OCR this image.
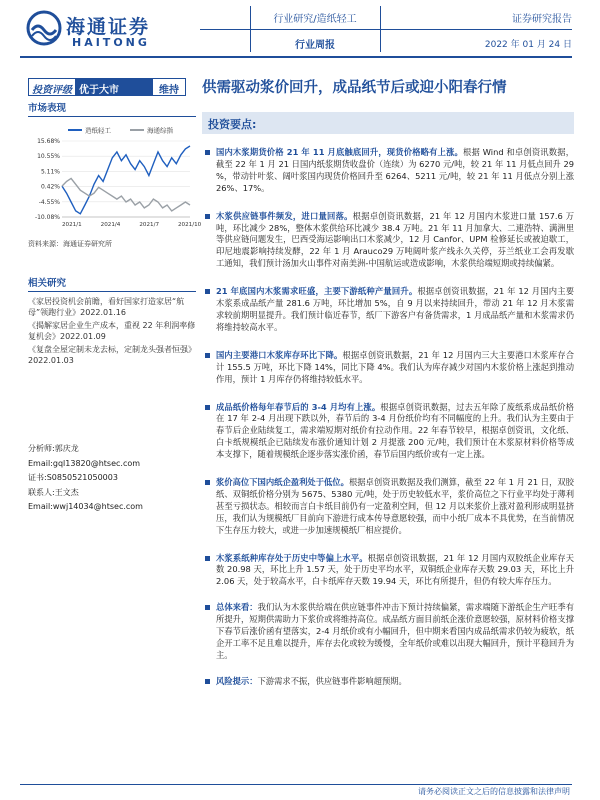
海通证券
HAITONG
行业研究/造纸轻工
行业周报
证券研究报告
2022 年 01 月 24 日
投资评级 优于大市	维持	供需驱动浆价回升，成品纸节后或迎小阳春行情
市场表现
造纸轻工	海通综指
15.68%
10.55%
5.11%
0.42%
-4.55%
-10.08%
2021/1	2021/4	2021/7	2021/10
资料来源：海通证券研究所
相关研究
《家居投资机会前瞻，看好国家打造家居“航母”领跑行业》2022.01.16
《揭解家居企业生产成本，重视 22 年利润率修复机会》2022.01.09
《复盘全屋定制未龙去标，定制龙头强者恒强》2022.01.03
分析师:郭庆龙
Email:gql13820@htsec.com
证书:S0850521050003
联系人:王文杰
Email:wwj14034@htsec.com
投资要点:
国内木浆期货价格 21 年 11 月底触底回升，现货价格略有上涨。根据 Wind 和卓创资讯数据，截至 22 年 1 月 21 日国内纸浆期货收盘价（连续）为 6270 元/吨，较 21 年 11 月低点回升 29 %，带动针叶浆、阔叶浆国内现货价格回升至 6264、5211 元/吨，较 21 年 11 月低点分别上涨 26%、17%。
木浆供应链事件频发，进口量回落。根据卓创资讯数据，21 年 12 月国内木浆进口量 157.6 万吨，环比减少 28%，整体木浆供给环比减少 38.4 万吨。21 年 11 月加拿大、二連浩特、满洲里等供应链问题发生，巴西受海运影响出口木浆减少，12 月 Canfor、UPM 检修延长或被迫歇工，印尼地震影响持续发酵，22 年 1 月 Arauco29 万吨阔叶浆产线永久关停，芬兰纸业工会再发歇工通知，我们预计汤加火山事件对南美洲-中国航运或造成影响，木浆供给端短期或持续偏紧。
21 年底国内木浆需求旺盛，主要下游纸种产量回升。根据卓创资讯数据，21 年 12 月国内主要木浆系成品纸产量 281.6 万吨，环比增加 5%，自 9 月以来持续回升，带动 21 年 12 月木浆需求较前期明显提升。我们预计临近春节，纸厂下游客户有备货需求，1 月成品纸产量和木浆需求仍将维持较高水平。
国内主要港口木浆库存环比下降。根据卓创资讯数据，21 年 12 月国内三大主要港口木浆库存合计 155.5 万吨，环比下降 14%，同比下降 4%。我们认为库存减少对国内木浆价格上涨起到推动作用，预计 1 月库存仍将维持较低水平。
成品纸价格每年春节后的 3-4 月均有上涨。根据卓创资讯数据，过去五年除了废纸系成品纸价格在 17 年 2-4 月出现下跌以外，春节后的 3-4 月份纸价均有不同幅度的上升。我们认为主要由于春节后企业陆续复工，需求端短期对纸价有拉动作用。22 年春节较早，根据卓创资讯，文化纸、白卡纸规模纸企已陆续发布涨价通知计划 2 月提涨 200 元/吨，我们预计在木浆原材料价格等成本支撑下，随着规模纸企逐步落实涨价函，春节后国内纸价或有一定上涨。
浆价高位下国内纸企盈利处于低位。根据卓创资讯数据及我们测算，截至 22 年 1 月 21 日，双胶纸、双铜纸价格分别为 5675、5380 元/吨，处于历史较低水平，浆价高位之下行业平均处于薄利甚至亏损状态。相较而言白卡纸目前仍有一定盈利空间，但 12 月以来浆价上涨对盈利形成明显挤压，我们认为规模纸厂目前向下游进行成本传导意愿较强，而中小纸厂成本不具优势，在当前情况下生存压力较大，或进一步加速规模纸厂相应提价。
木浆系纸种库存处于历史中等偏上水平。根据卓创资讯数据，21 年 12 月国内双胶纸企业库存天数 20.98 天，环比上升 1.57 天，处于历史平均水平，双铜纸企业库存天数 29.03 天，环比上升 2.06 天，处于较高水平，白卡纸库存天数 19.94 天，环比有所提升，但仍有较大库存压力。
总体来看：我们认为木浆供给端在供应链事件冲击下预计持续偏紧，需求端随下游纸企生产旺季有所提升，短期供需助力下浆价或将维持高位。成品纸方面目前纸企涨价意愿较强，原材料价格支撑下春节后涨价函有望落实，2-4 月纸价或有小幅回升，但中期来看国内成品纸需求仍较为疲软，纸企开工率不足且难以提升，库存去化或较为缓慢，全年纸价或难以出现大幅回升，预计平稳回升为主。
风险提示：下游需求不振，供应链事件影响超预期。
请务必阅读正文之后的信息披露和法律声明
